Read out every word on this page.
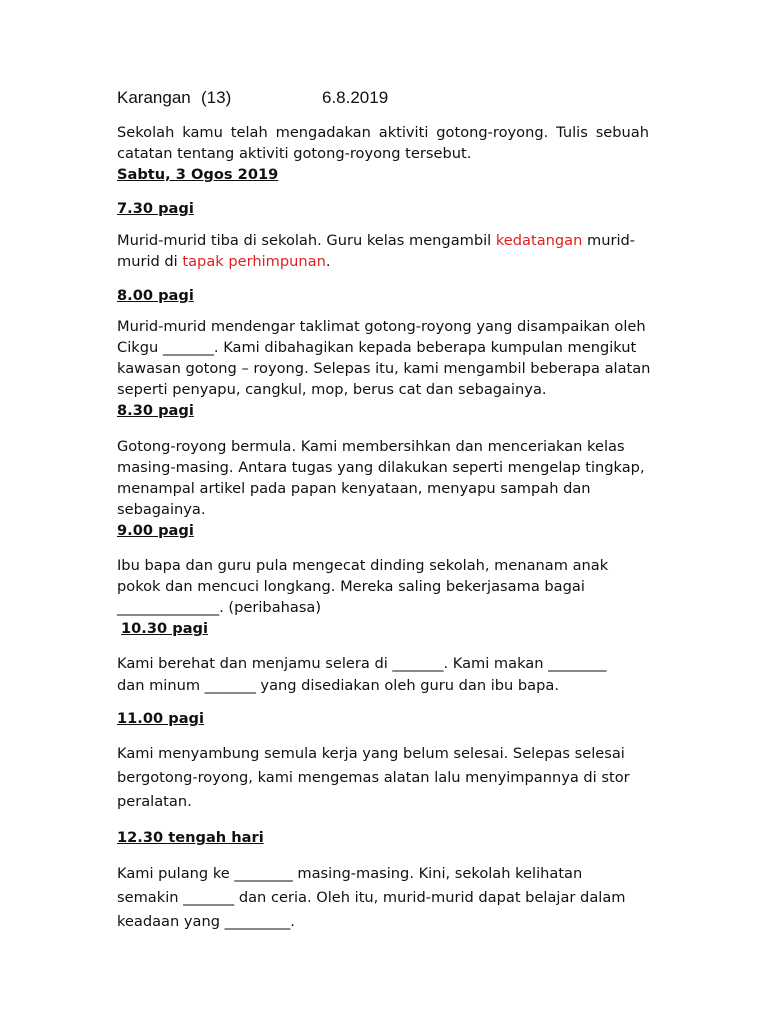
Karangan (13)	6.8.2019
Sekolah kamu telah mengadakan aktiviti gotong-royong. Tulis sebuah
catatan tentang aktiviti gotong-royong tersebut.
Sabtu, 3 Ogos 2019
7.30 pagi
Murid-murid tiba di sekolah. Guru kelas mengambil kedatangan murid-
murid di tapak perhimpunan.
8.00 pagi
Murid-murid mendengar taklimat gotong-royong yang disampaikan oleh
Cikgu _______. Kami dibahagikan kepada beberapa kumpulan mengikut
kawasan gotong – royong. Selepas itu, kami mengambil beberapa alatan
seperti penyapu, cangkul, mop, berus cat dan sebagainya.
8.30 pagi
Gotong-royong bermula. Kami membersihkan dan menceriakan kelas
masing-masing. Antara tugas yang dilakukan seperti mengelap tingkap,
menampal artikel pada papan kenyataan, menyapu sampah dan
sebagainya.
9.00 pagi
Ibu bapa dan guru pula mengecat dinding sekolah, menanam anak
pokok dan mencuci longkang. Mereka saling bekerjasama bagai
______________. (peribahasa)
10.30 pagi
Kami berehat dan menjamu selera di _______. Kami makan ________
dan minum _______ yang disediakan oleh guru dan ibu bapa.
11.00 pagi
Kami menyambung semula kerja yang belum selesai. Selepas selesai
bergotong-royong, kami mengemas alatan lalu menyimpannya di stor
peralatan.
12.30 tengah hari
Kami pulang ke ________ masing-masing. Kini, sekolah kelihatan
semakin _______ dan ceria. Oleh itu, murid-murid dapat belajar dalam
keadaan yang _________.
